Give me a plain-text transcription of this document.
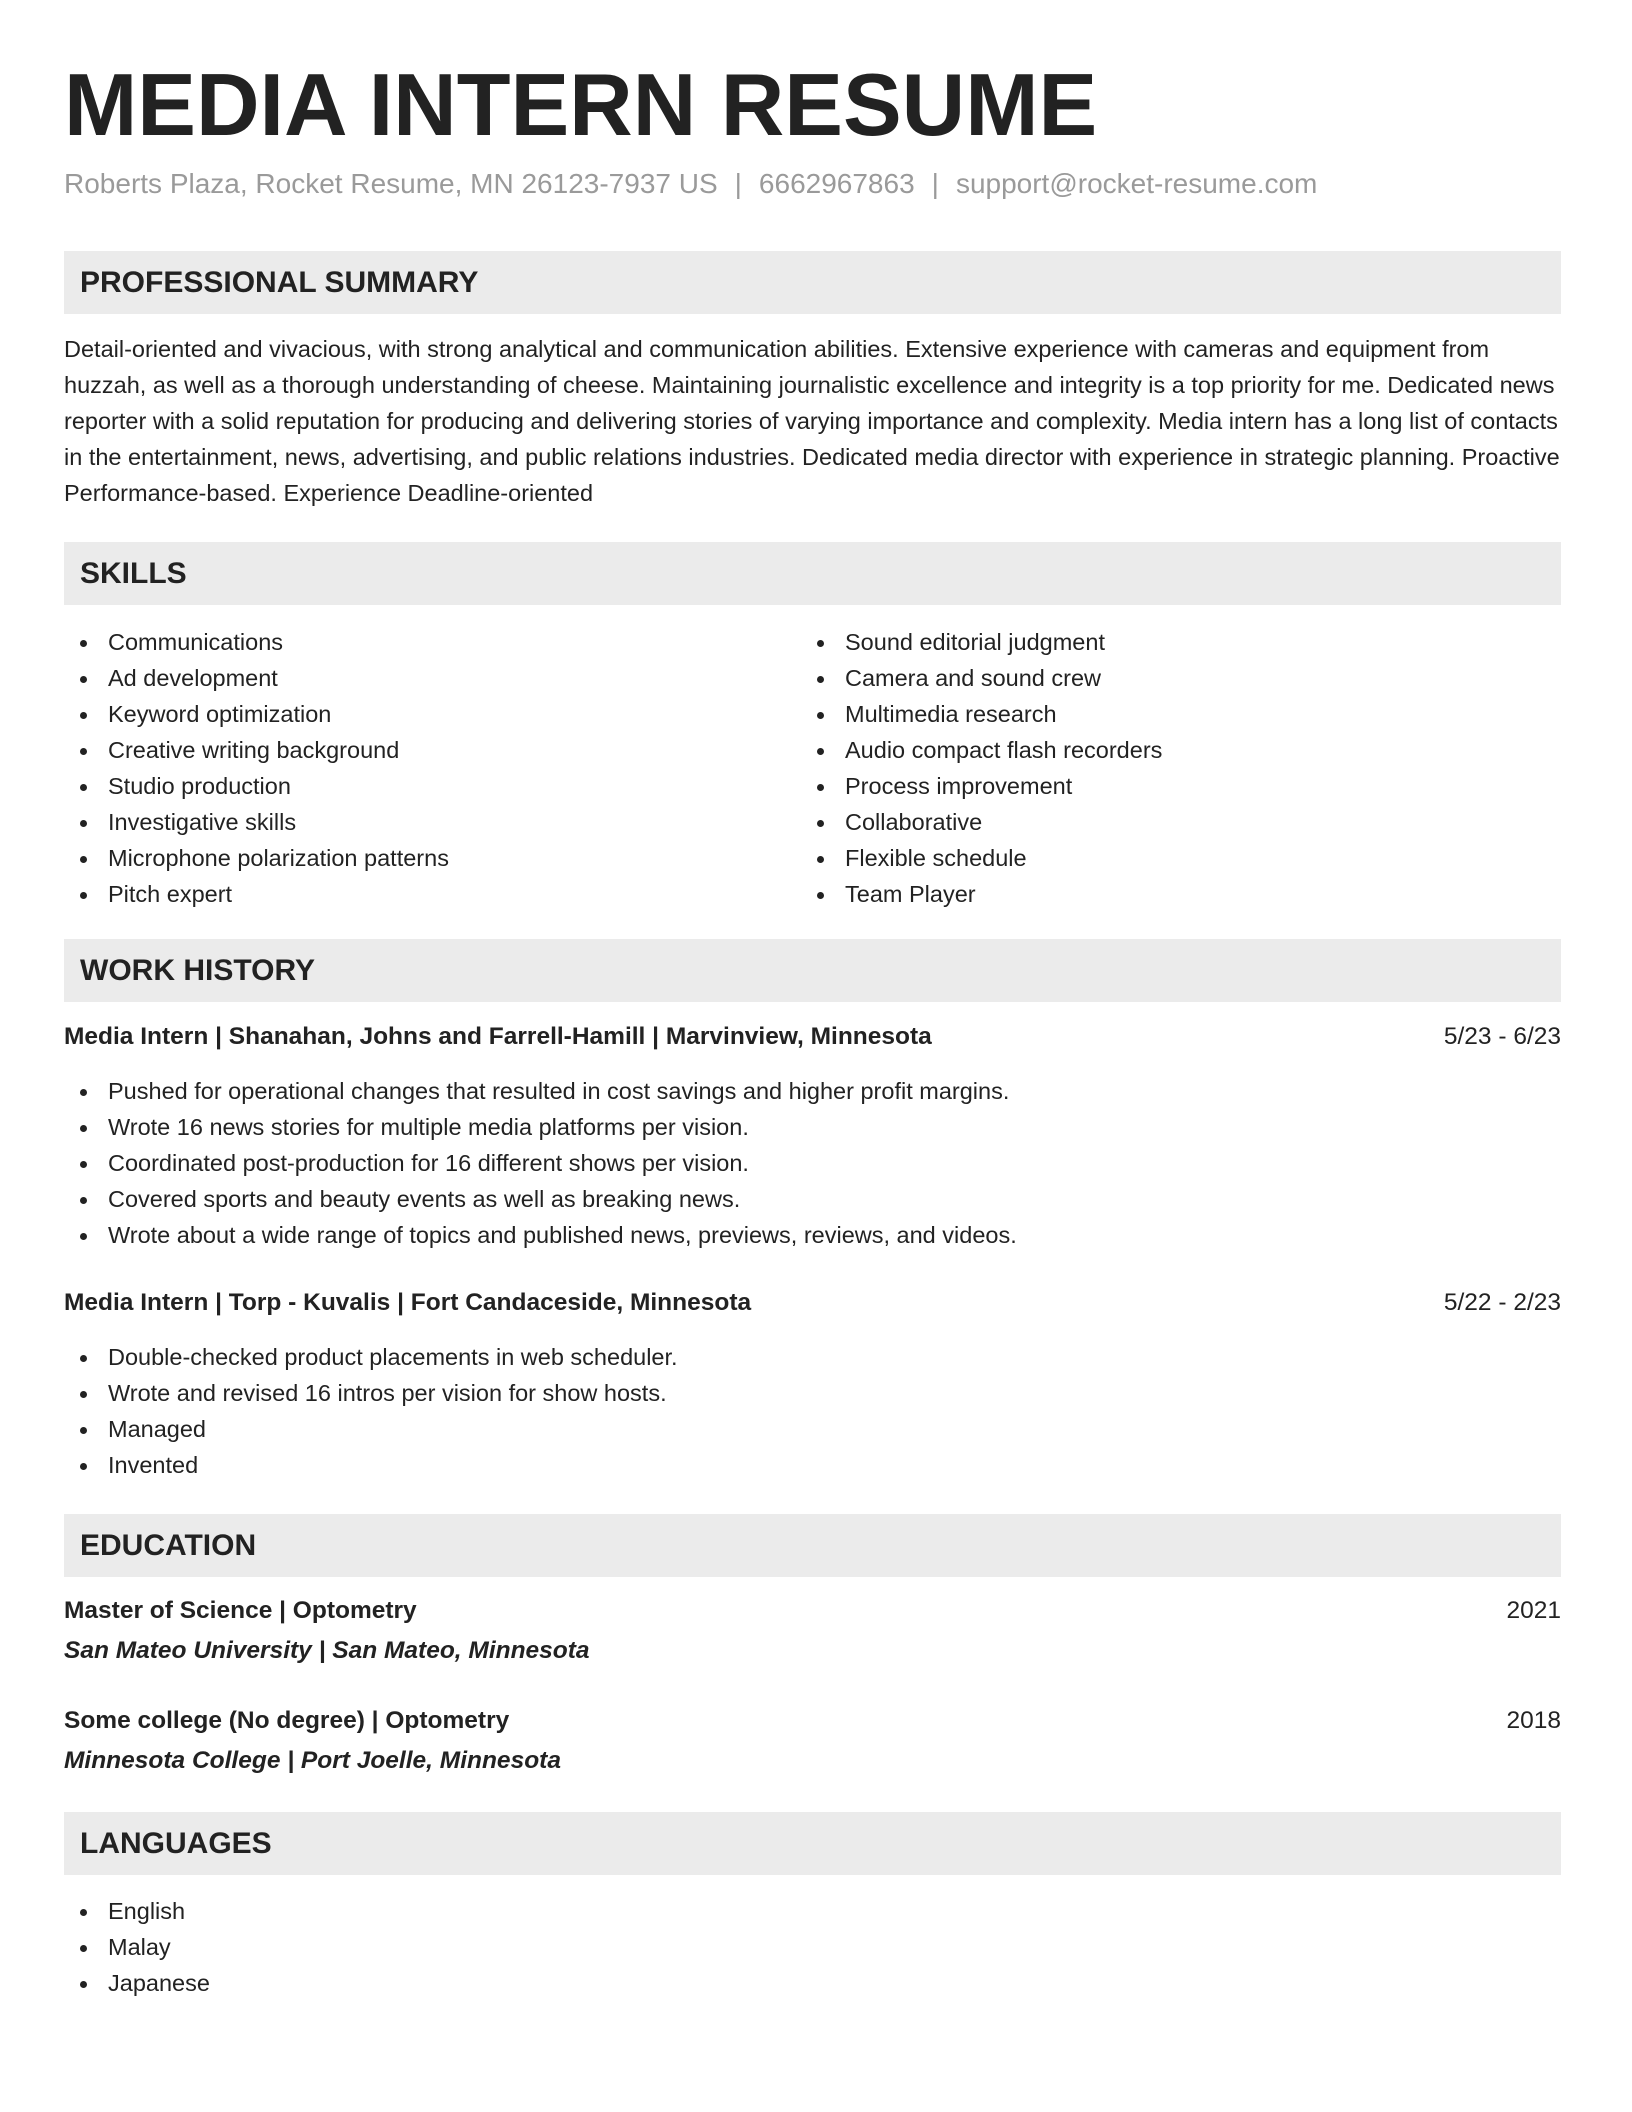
MEDIA INTERN RESUME
Roberts Plaza, Rocket Resume, MN 26123-7937 US | 6662967863 | support@rocket-resume.com
PROFESSIONAL SUMMARY
Detail-oriented and vivacious, with strong analytical and communication abilities. Extensive experience with cameras and equipment from huzzah, as well as a thorough understanding of cheese. Maintaining journalistic excellence and integrity is a top priority for me. Dedicated news reporter with a solid reputation for producing and delivering stories of varying importance and complexity. Media intern has a long list of contacts in the entertainment, news, advertising, and public relations industries. Dedicated media director with experience in strategic planning. Proactive Performance-based. Experience Deadline-oriented
SKILLS
Communications
Ad development
Keyword optimization
Creative writing background
Studio production
Investigative skills
Microphone polarization patterns
Pitch expert
Sound editorial judgment
Camera and sound crew
Multimedia research
Audio compact flash recorders
Process improvement
Collaborative
Flexible schedule
Team Player
WORK HISTORY
Media Intern | Shanahan, Johns and Farrell-Hamill | Marvinview, Minnesota	5/23 - 6/23
Pushed for operational changes that resulted in cost savings and higher profit margins.
Wrote 16 news stories for multiple media platforms per vision.
Coordinated post-production for 16 different shows per vision.
Covered sports and beauty events as well as breaking news.
Wrote about a wide range of topics and published news, previews, reviews, and videos.
Media Intern | Torp - Kuvalis | Fort Candaceside, Minnesota	5/22 - 2/23
Double-checked product placements in web scheduler.
Wrote and revised 16 intros per vision for show hosts.
Managed
Invented
EDUCATION
Master of Science | Optometry	2021
San Mateo University | San Mateo, Minnesota
Some college (No degree) | Optometry	2018
Minnesota College | Port Joelle, Minnesota
LANGUAGES
English
Malay
Japanese
